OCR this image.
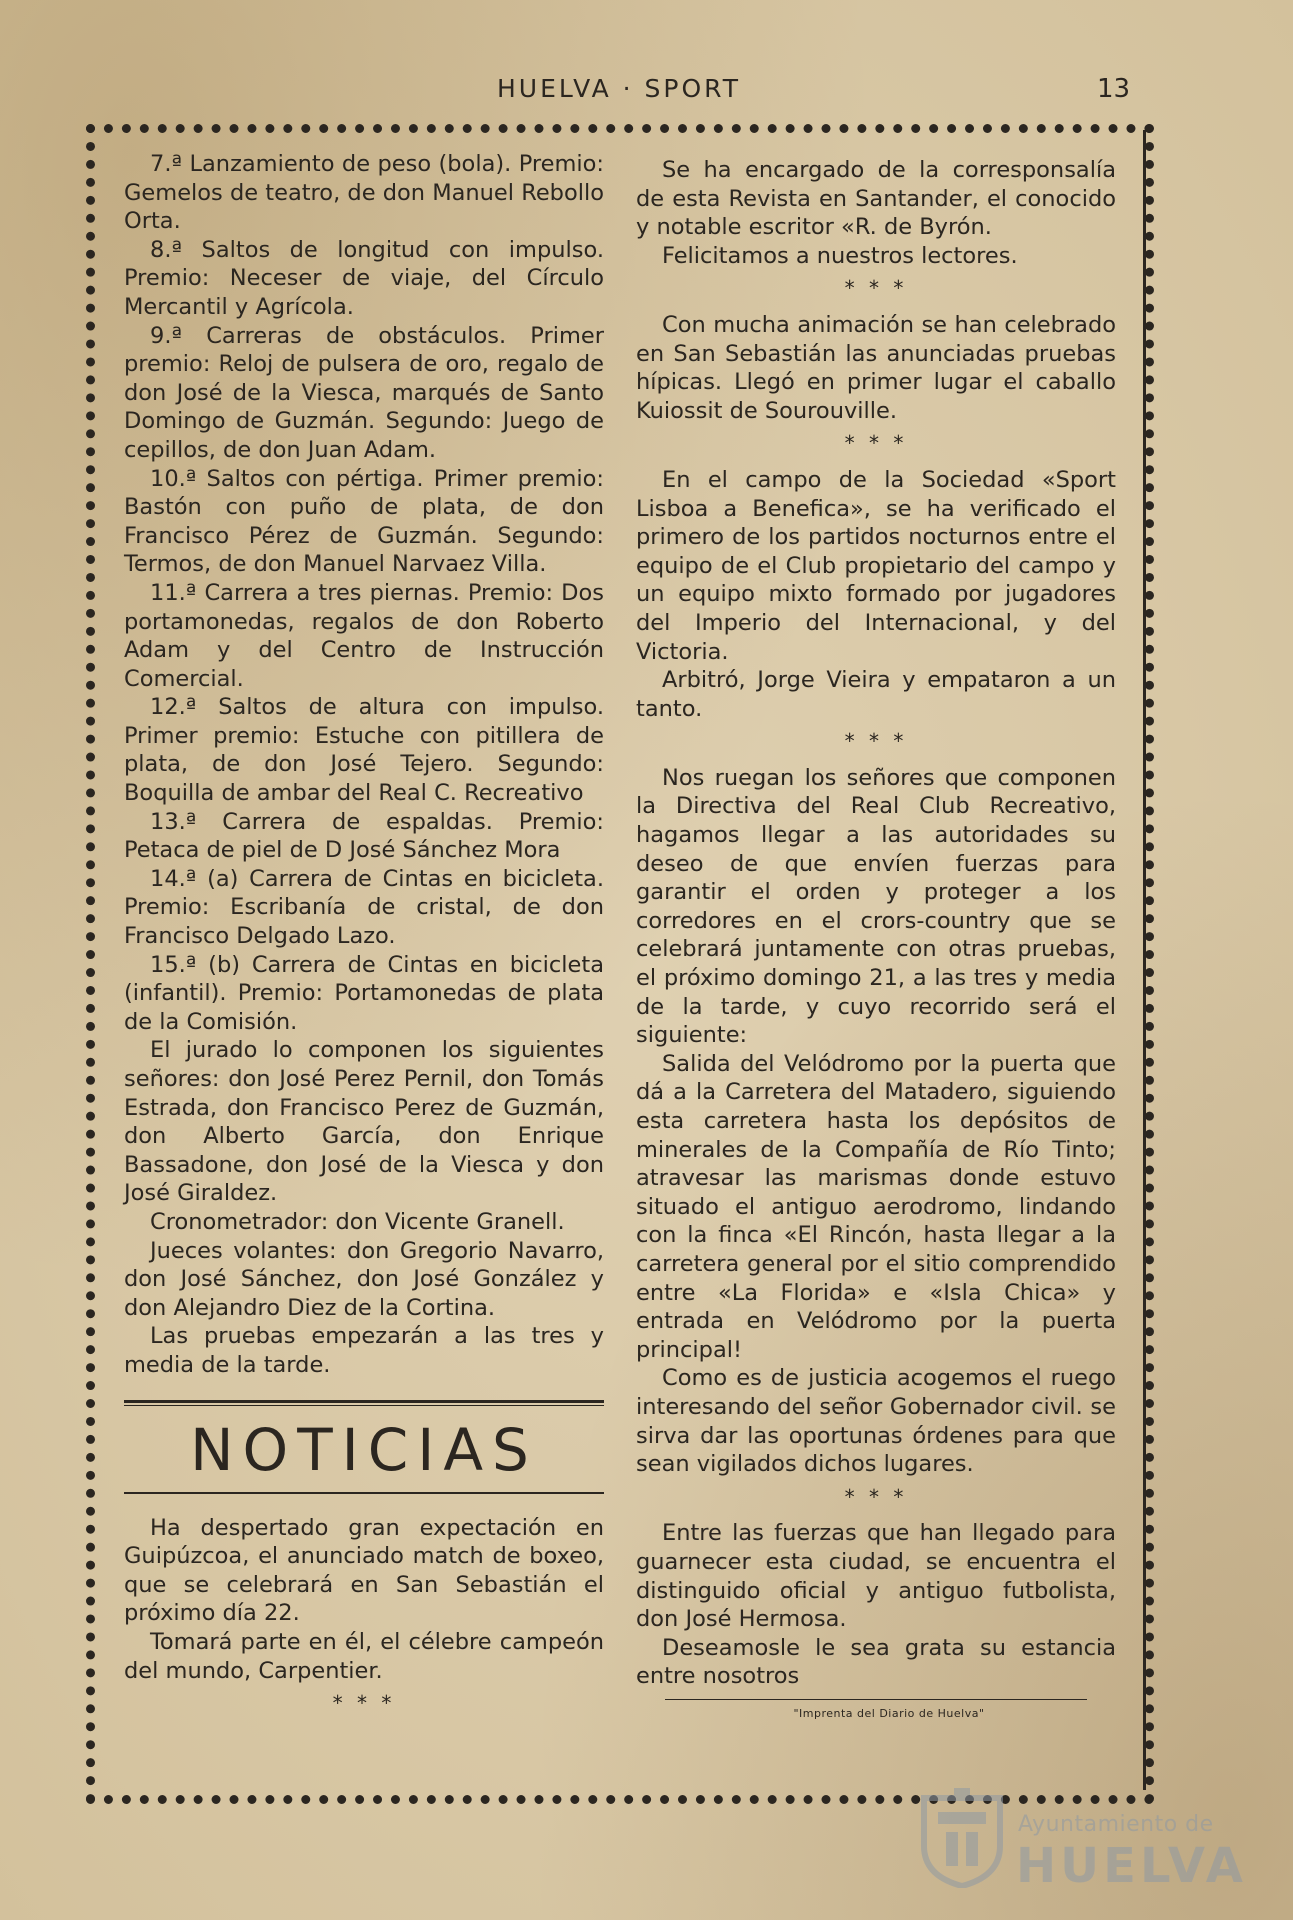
HUELVA · SPORT	13

7.ª Lanzamiento de peso (bola). Premio: Gemelos de teatro, de don Manuel Rebollo Orta.

8.ª Saltos de longitud con impulso. Premio: Neceser de viaje, del Círculo Mercantil y Agrícola.

9.ª Carreras de obstáculos. Primer premio: Reloj de pulsera de oro, regalo de don José de la Viesca, marqués de Santo Domingo de Guzmán. Segundo: Juego de cepillos, de don Juan Adam.

10.ª Saltos con pértiga. Primer premio: Bastón con puño de plata, de don Francisco Pérez de Guzmán. Segundo: Termos, de don Manuel Narvaez Villa.

11.ª Carrera a tres piernas. Premio: Dos portamonedas, regalos de don Roberto Adam y del Centro de Instrucción Comercial.

12.ª Saltos de altura con impulso. Primer premio: Estuche con pitillera de plata, de don José Tejero. Segundo: Boquilla de ambar del Real C. Recreativo

13.ª Carrera de espaldas. Premio: Petaca de piel de D José Sánchez Mora

14.ª (a) Carrera de Cintas en bicicleta. Premio: Escribanía de cristal, de don Francisco Delgado Lazo.

15.ª (b) Carrera de Cintas en bicicleta (infantil). Premio: Portamonedas de plata de la Comisión.

El jurado lo componen los siguientes señores: don José Perez Pernil, don Tomás Estrada, don Francisco Perez de Guzmán, don Alberto García, don Enrique Bassadone, don José de la Viesca y don José Giraldez.

Cronometrador: don Vicente Granell.

Jueces volantes: don Gregorio Navarro, don José Sánchez, don José González y don Alejandro Diez de la Cortina.

Las pruebas empezarán a las tres y media de la tarde.

NOTICIAS

Ha despertado gran expectación en Guipúzcoa, el anunciado match de boxeo, que se celebrará en San Sebastián el próximo día 22.

Tomará parte en él, el célebre campeón del mundo, Carpentier.

* * *

Se ha encargado de la corresponsalía de esta Revista en Santander, el conocido y notable escritor «R. de Byrón.

Felicitamos a nuestros lectores.

* * *

Con mucha animación se han celebrado en San Sebastián las anunciadas pruebas hípicas. Llegó en primer lugar el caballo Kuiossit de Sourouville.

* * *

En el campo de la Sociedad «Sport Lisboa a Benefica», se ha verificado el primero de los partidos nocturnos entre el equipo de el Club propietario del campo y un equipo mixto formado por jugadores del Imperio del Internacional, y del Victoria.

Arbitró, Jorge Vieira y empataron a un tanto.

* * *

Nos ruegan los señores que componen la Directiva del Real Club Recreativo, hagamos llegar a las autoridades su deseo de que envíen fuerzas para garantir el orden y proteger a los corredores en el crors-country que se celebrará juntamente con otras pruebas, el próximo domingo 21, a las tres y media de la tarde, y cuyo recorrido será el siguiente:

Salida del Velódromo por la puerta que dá a la Carretera del Matadero, siguiendo esta carretera hasta los depósitos de minerales de la Compañía de Río Tinto; atravesar las marismas donde estuvo situado el antiguo aerodromo, lindando con la finca «El Rincón, hasta llegar a la carretera general por el sitio comprendido entre «La Florida» e «Isla Chica» y entrada en Velódromo por la puerta principal!

Como es de justicia acogemos el ruego interesando del señor Gobernador civil. se sirva dar las oportunas órdenes para que sean vigilados dichos lugares.

* * *

Entre las fuerzas que han llegado para guarnecer esta ciudad, se encuentra el distinguido oficial y antiguo futbolista, don José Hermosa.

Deseamosle le sea grata su estancia entre nosotros

"Imprenta del Diario de Huelva"

Ayuntamiento de
HUELVA
